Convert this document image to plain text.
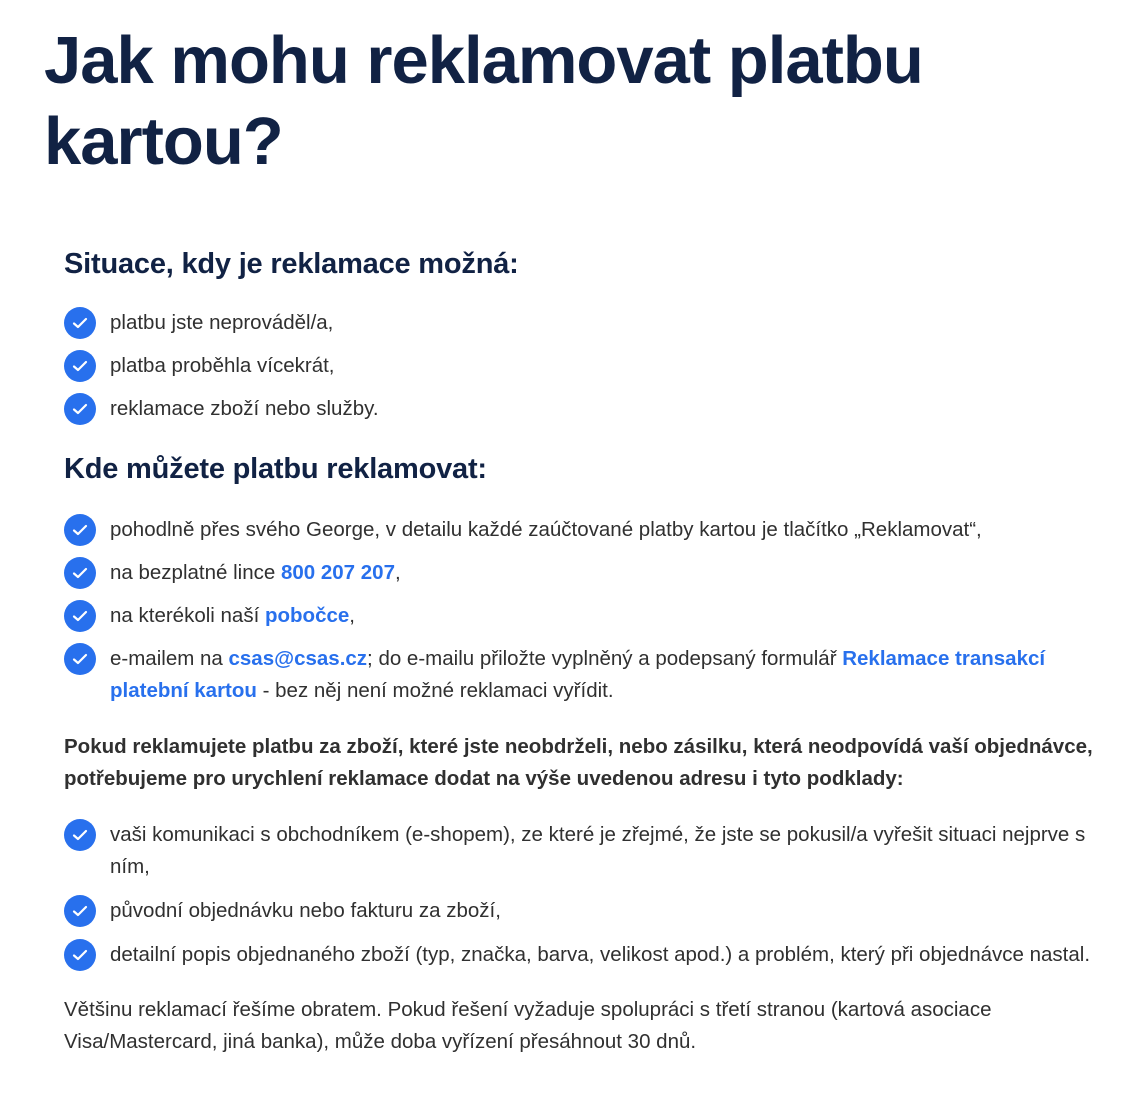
Jak mohu reklamovat platbu kartou?
Situace, kdy je reklamace možná:
platbu jste neprováděl/a,
platba proběhla vícekrát,
reklamace zboží nebo služby.
Kde můžete platbu reklamovat:
pohodlně přes svého George, v detailu každé zaúčtované platby kartou je tlačítko „Reklamovat“,
na bezplatné lince 800 207 207,
na kterékoli naší pobočce,
e-mailem na csas@csas.cz; do e-mailu přiložte vyplněný a podepsaný formulář Reklamace transakcí platební kartou - bez něj není možné reklamaci vyřídit.

Pokud reklamujete platbu za zboží, které jste neobdrželi, nebo zásilku, která neodpovídá vaší objednávce, potřebujeme pro urychlení reklamace dodat na výše uvedenou adresu i tyto podklady:

vaši komunikaci s obchodníkem (e-shopem), ze které je zřejmé, že jste se pokusil/a vyřešit situaci nejprve s ním,
původní objednávku nebo fakturu za zboží,
detailní popis objednaného zboží (typ, značka, barva, velikost apod.) a problém, který při objednávce nastal.

Většinu reklamací řešíme obratem. Pokud řešení vyžaduje spolupráci s třetí stranou (kartová asociace Visa/Mastercard, jiná banka), může doba vyřízení přesáhnout 30 dnů.
